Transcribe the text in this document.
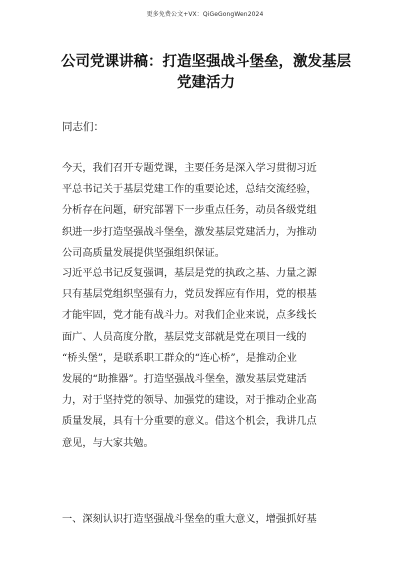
更多免费公文+VX：QiGeGongWen2024
公司党课讲稿：打造坚强战斗堡垒，激发基层
党建活力
同志们：
今天，我们召开专题党课，主要任务是深入学习贯彻习近
平总书记关于基层党建工作的重要论述，总结交流经验，
分析存在问题，研究部署下一步重点任务，动员各级党组
织进一步打造坚强战斗堡垒，激发基层党建活力，为推动
公司高质量发展提供坚强组织保证。
习近平总书记反复强调，基层是党的执政之基、力量之源
只有基层党组织坚强有力，党员发挥应有作用，党的根基
才能牢固，党才能有战斗力。对我们企业来说，点多线长
面广、人员高度分散，基层党支部就是党在项目一线的
“桥头堡”，是联系职工群众的“连心桥”，是推动企业
发展的“助推器”。打造坚强战斗堡垒，激发基层党建活
力，对于坚持党的领导、加强党的建设，对于推动企业高
质量发展，具有十分重要的意义。借这个机会，我讲几点
意见，与大家共勉。
一、深刻认识打造坚强战斗堡垒的重大意义，增强抓好基
